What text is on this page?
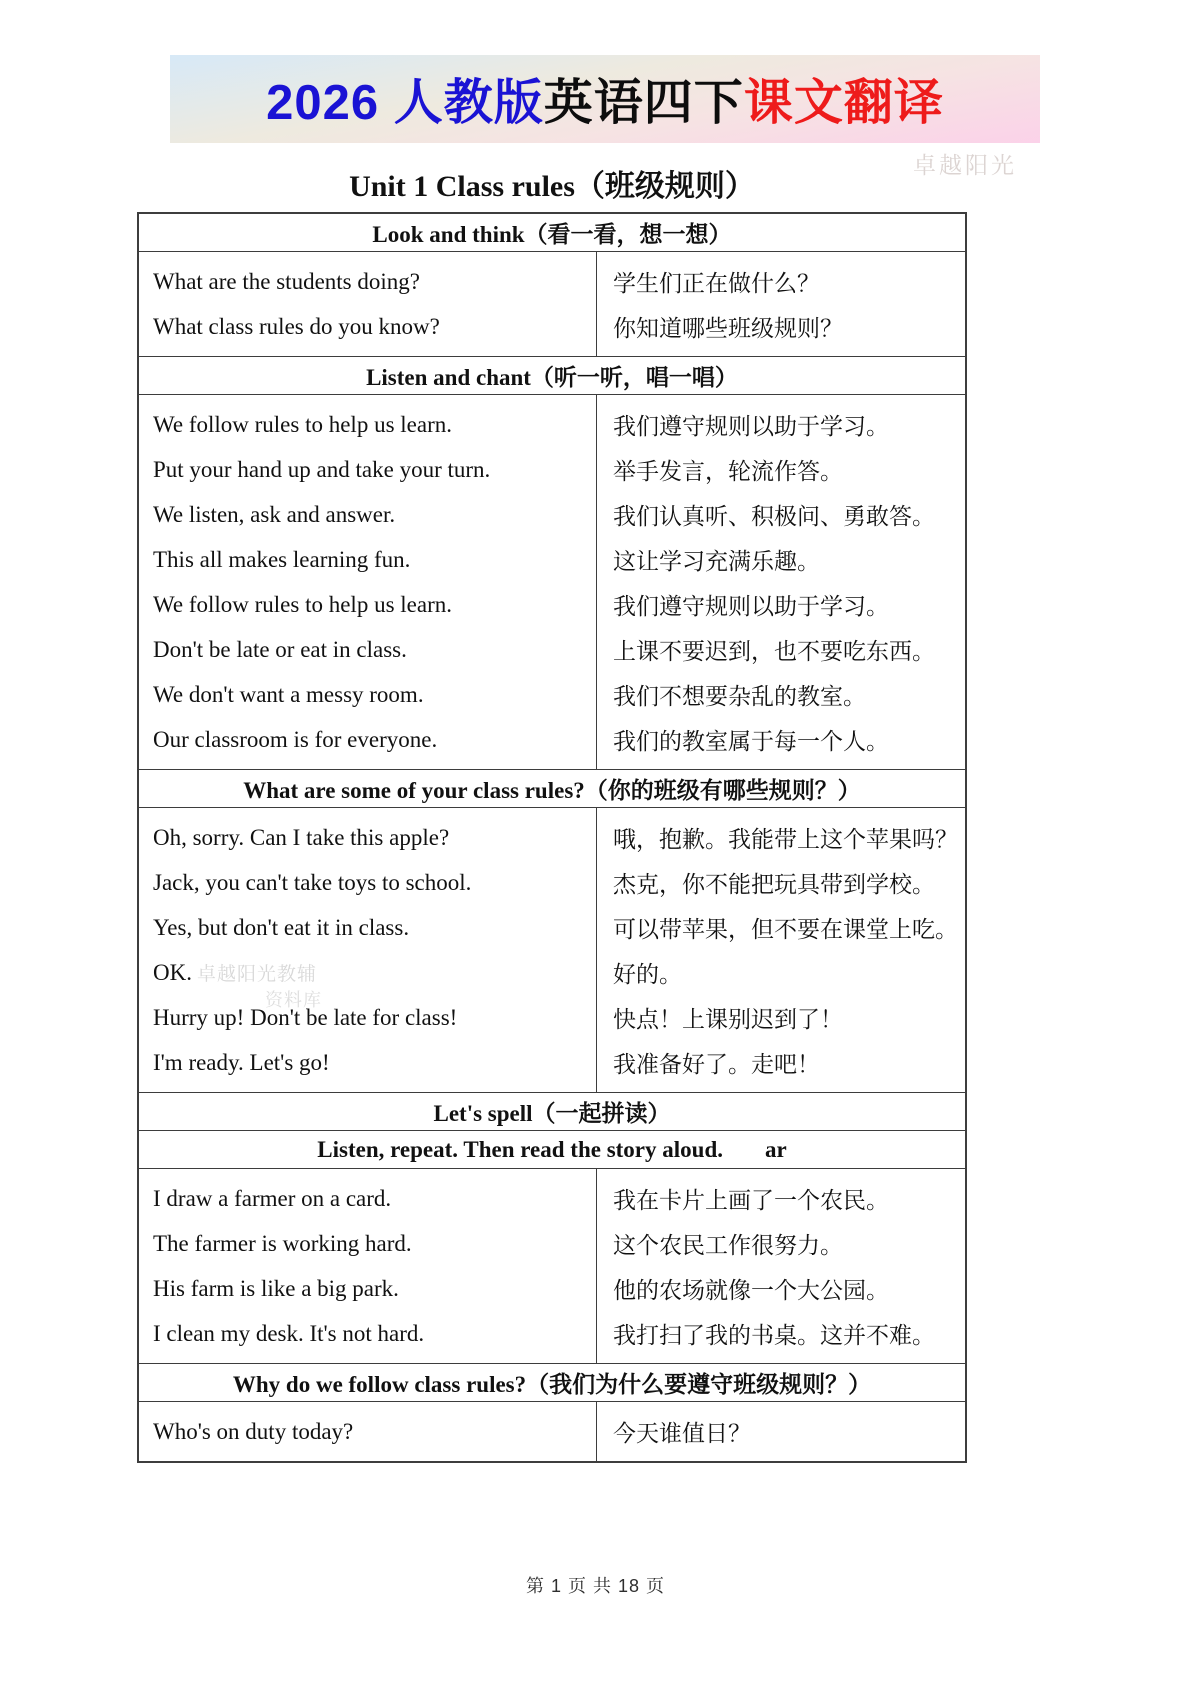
2026 人教版 英语四下 课文翻译
卓越阳光
Unit 1 Class rules（班级规则）
Look and think（看一看，想一想）
What are the students doing?
What class rules do you know?
学生们正在做什么？
你知道哪些班级规则？
Listen and chant（听一听，唱一唱）
We follow rules to help us learn.
Put your hand up and take your turn.
We listen, ask and answer.
This all makes learning fun.
We follow rules to help us learn.
Don't be late or eat in class.
We don't want a messy room.
Our classroom is for everyone.
我们遵守规则以助于学习。
举手发言，轮流作答。
我们认真听、积极问、勇敢答。
这让学习充满乐趣。
我们遵守规则以助于学习。
上课不要迟到，也不要吃东西。
我们不想要杂乱的教室。
我们的教室属于每一个人。
What are some of your class rules?（你的班级有哪些规则？）
Oh, sorry. Can I take this apple?
Jack, you can't take toys to school.
Yes, but don't eat it in class.
OK. 卓越阳光教辅
资料库
Hurry up! Don't be late for class!
I'm ready. Let's go!
哦，抱歉。我能带上这个苹果吗？
杰克，你不能把玩具带到学校。
可以带苹果，但不要在课堂上吃。
好的。
快点！上课别迟到了！
我准备好了。走吧！
Let's spell（一起拼读）
Listen, repeat. Then read the story aloud. ar
I draw a farmer on a card.
The farmer is working hard.
His farm is like a big park.
I clean my desk. It's not hard.
我在卡片上画了一个农民。
这个农民工作很努力。
他的农场就像一个大公园。
我打扫了我的书桌。这并不难。
Why do we follow class rules?（我们为什么要遵守班级规则？）
Who's on duty today?	今天谁值日？
第 1 页 共 18 页
